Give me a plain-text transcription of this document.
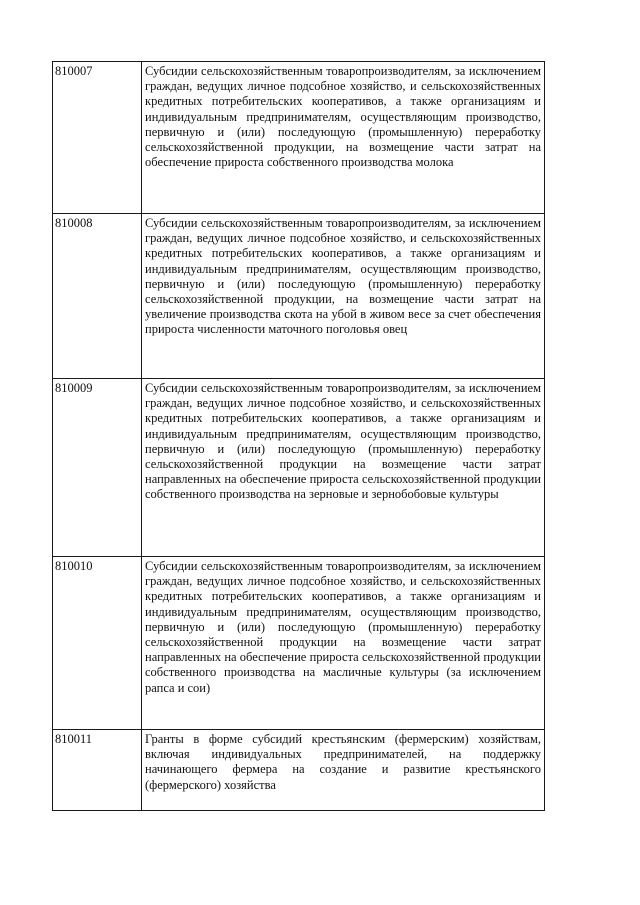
810007	Субсидии сельскохозяйственным товаропроизводителям, за исключением граждан, ведущих личное подсобное хозяйство, и сельскохозяйственных кредитных потребительских кооперативов, а также организациям и индивидуальным предпринимателям, осуществляющим производство, первичную и (или) последующую (промышленную) переработку сельскохозяйственной продукции, на возмещение части затрат на обеспечение прироста собственного производства молока
810008	Субсидии сельскохозяйственным товаропроизводителям, за исключением граждан, ведущих личное подсобное хозяйство, и сельскохозяйственных кредитных потребительских кооперативов, а также организациям и индивидуальным предпринимателям, осуществляющим производство, первичную и (или) последующую (промышленную) переработку сельскохозяйственной продукции, на возмещение части затрат на увеличение производства скота на убой в живом весе за счет обеспечения прироста численности маточного поголовья овец
810009	Субсидии сельскохозяйственным товаропроизводителям, за исключением граждан, ведущих личное подсобное хозяйство, и сельскохозяйственных кредитных потребительских кооперативов, а также организациям и индивидуальным предпринимателям, осуществляющим производство, первичную и (или) последующую (промышленную) переработку сельскохозяйственной продукции на возмещение части затрат направленных на обеспечение прироста сельскохозяйственной продукции собственного производства на зерновые и зернобобовые культуры
810010	Субсидии сельскохозяйственным товаропроизводителям, за исключением граждан, ведущих личное подсобное хозяйство, и сельскохозяйственных кредитных потребительских кооперативов, а также организациям и индивидуальным предпринимателям, осуществляющим производство, первичную и (или) последующую (промышленную) переработку сельскохозяйственной продукции на возмещение части затрат направленных на обеспечение прироста сельскохозяйственной продукции собственного производства на масличные культуры (за исключением рапса и сои)
810011	Гранты в форме субсидий крестьянским (фермерским) хозяйствам, включая индивидуальных предпринимателей, на поддержку начинающего фермера на создание и развитие крестьянского (фермерского) хозяйства
